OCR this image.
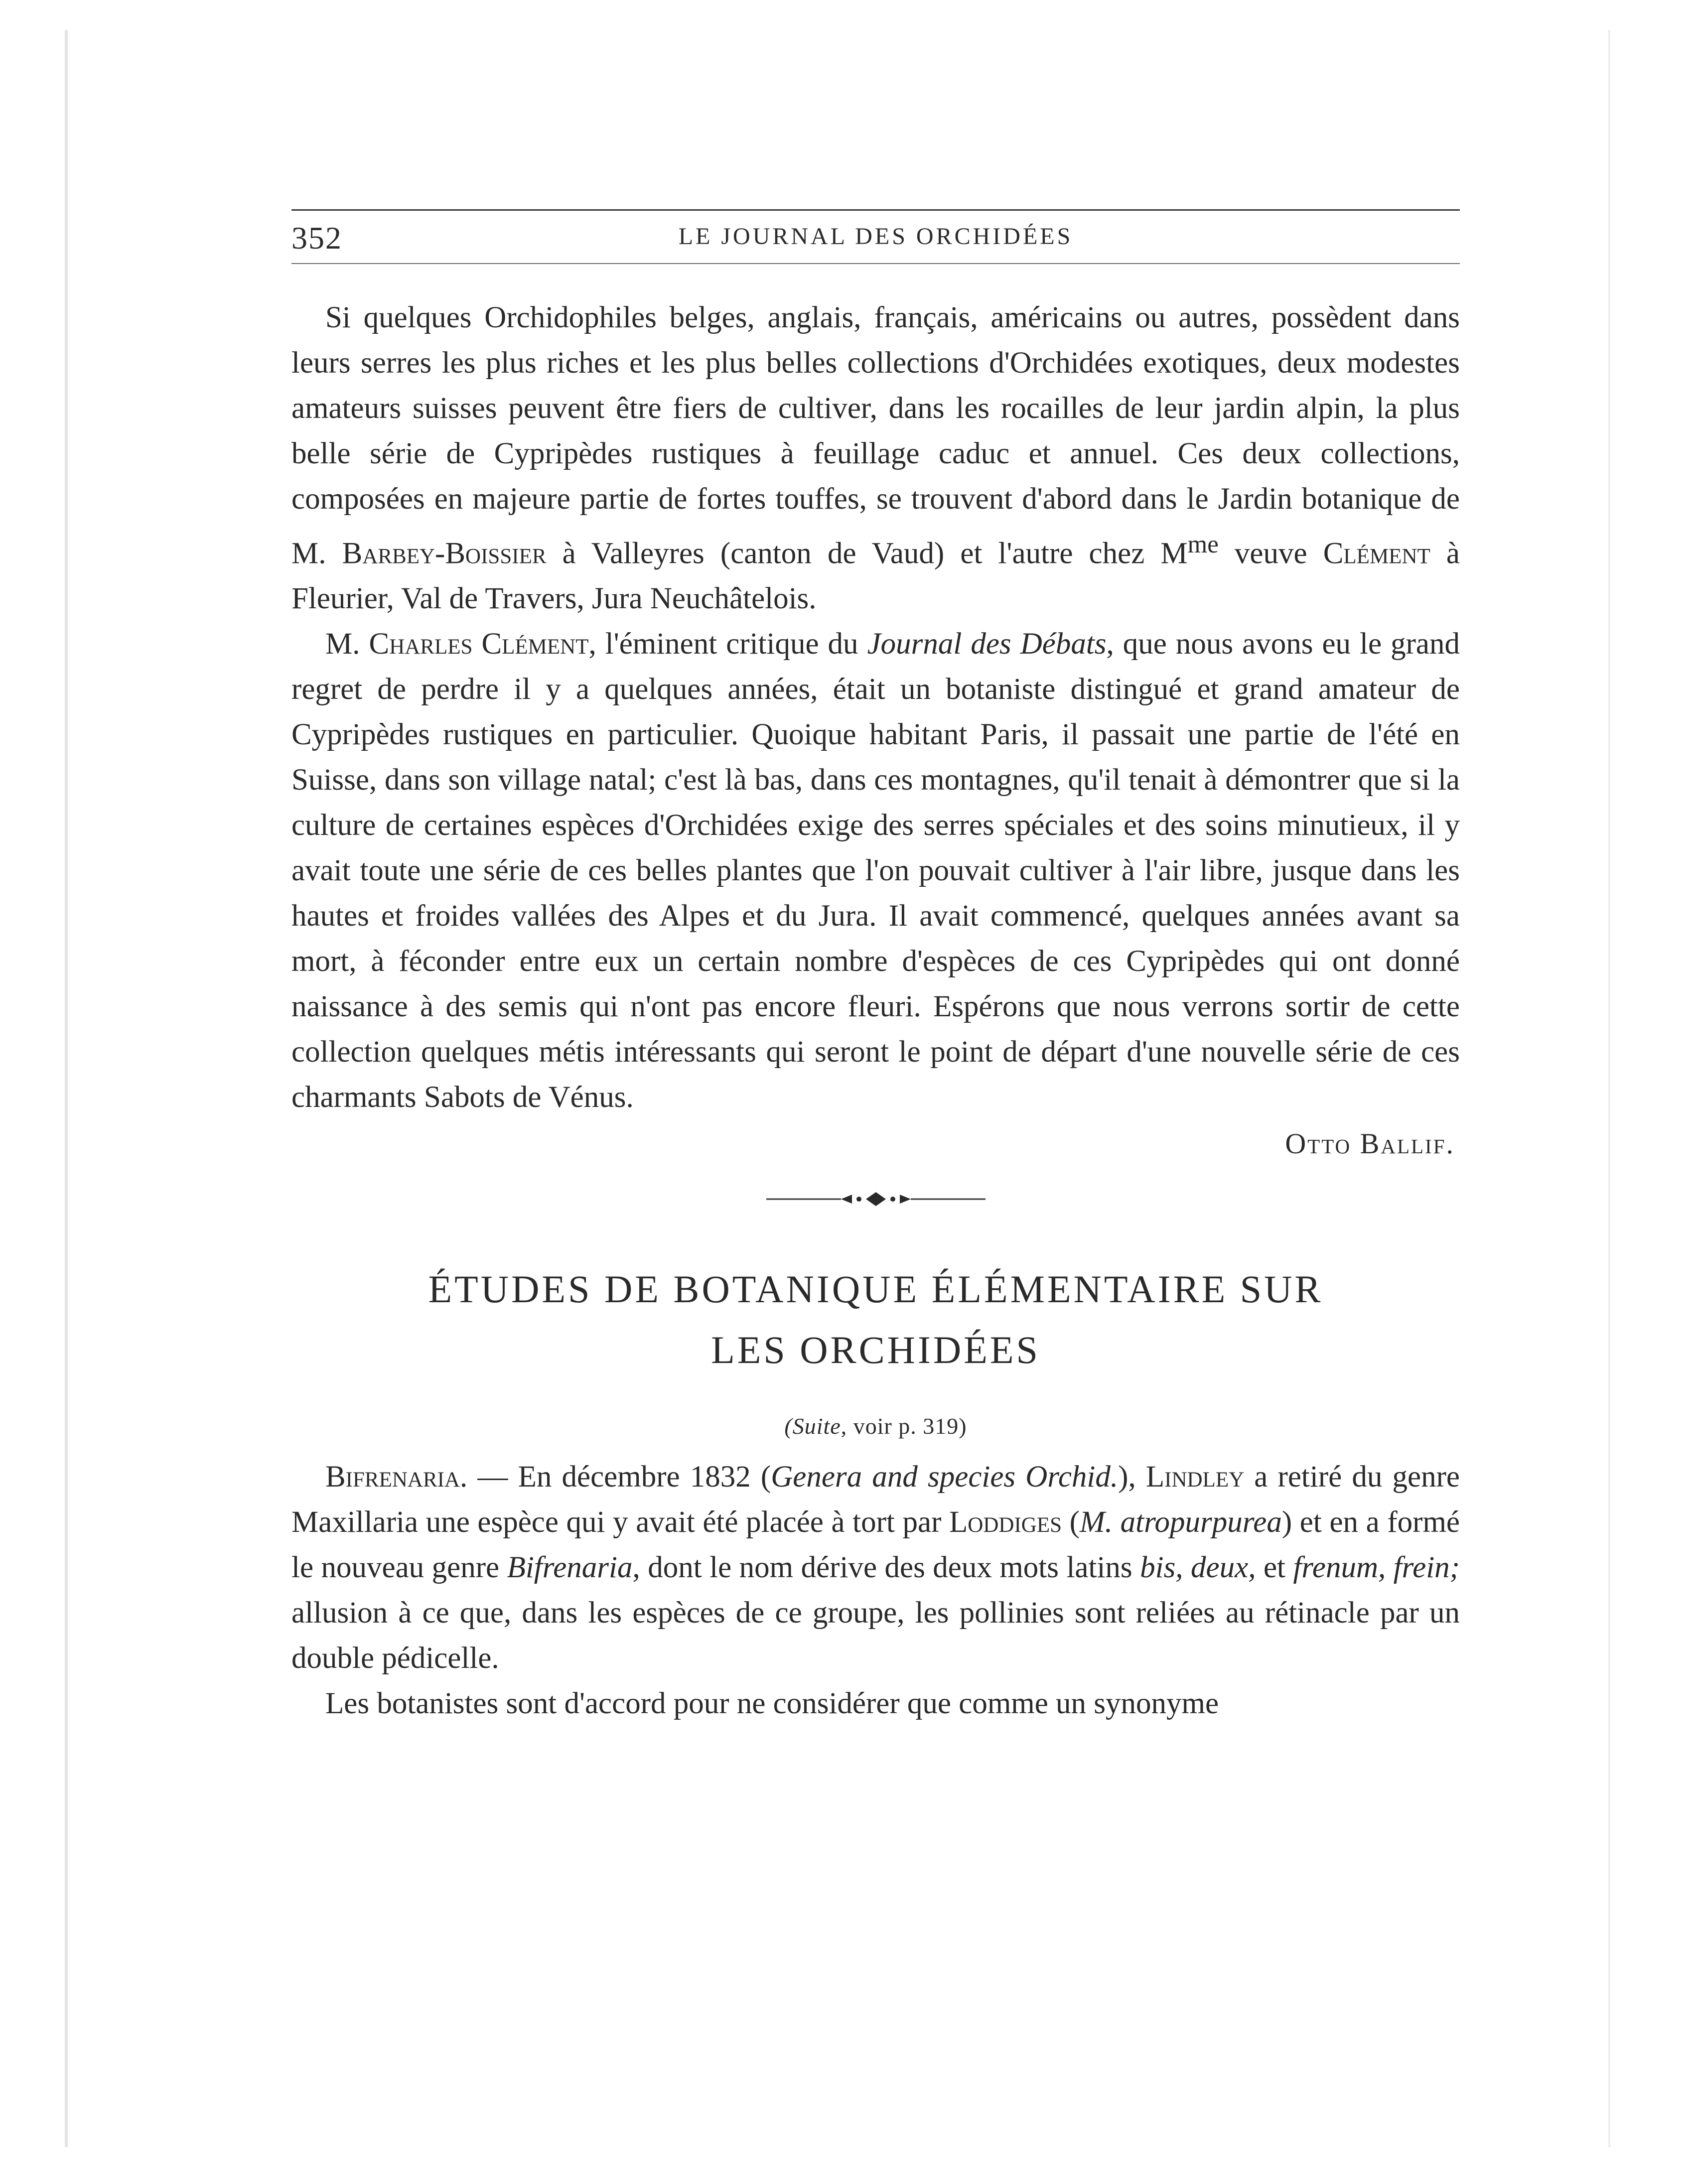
352	LE JOURNAL DES ORCHIDÉES

Si quelques Orchidophiles belges, anglais, français, américains ou autres, possèdent dans leurs serres les plus riches et les plus belles collections d'Orchidées exotiques, deux modestes amateurs suisses peuvent être fiers de cultiver, dans les rocailles de leur jardin alpin, la plus belle série de Cypripèdes rustiques à feuillage caduc et annuel. Ces deux collections, composées en majeure partie de fortes touffes, se trouvent d'abord dans le Jardin botanique de M. Barbey-Boissier à Valleyres (canton de Vaud) et l'autre chez $M^{me}$ veuve Clément à Fleurier, Val de Travers, Jura Neuchâtelois.

M. Charles Clément, l'éminent critique du Journal des Débats, que nous avons eu le grand regret de perdre il y a quelques années, était un botaniste distingué et grand amateur de Cypripèdes rustiques en particulier. Quoique habitant Paris, il passait une partie de l'été en Suisse, dans son village natal; c'est là bas, dans ces montagnes, qu'il tenait à démontrer que si la culture de certaines espèces d'Orchidées exige des serres spéciales et des soins minutieux, il y avait toute une série de ces belles plantes que l'on pouvait cultiver à l'air libre, jusque dans les hautes et froides vallées des Alpes et du Jura. Il avait commencé, quelques années avant sa mort, à féconder entre eux un certain nombre d'espèces de ces Cypripèdes qui ont donné naissance à des semis qui n'ont pas encore fleuri. Espérons que nous verrons sortir de cette collection quelques métis intéressants qui seront le point de départ d'une nouvelle série de ces charmants Sabots de Vénus.

Otto Ballif.
ÉTUDES DE BOTANIQUE ÉLÉMENTAIRE SUR
LES ORCHIDÉES
(Suite, voir p. 319)

Bifrenaria. — En décembre 1832 (Genera and species Orchid.), Lindley a retiré du genre Maxillaria une espèce qui y avait été placée à tort par Loddiges (M. atropurpurea) et en a formé le nouveau genre Bifrenaria, dont le nom dérive des deux mots latins bis, deux, et frenum, frein; allusion à ce que, dans les espèces de ce groupe, les pollinies sont reliées au rétinacle par un double pédicelle.

Les botanistes sont d'accord pour ne considérer que comme un synonyme
